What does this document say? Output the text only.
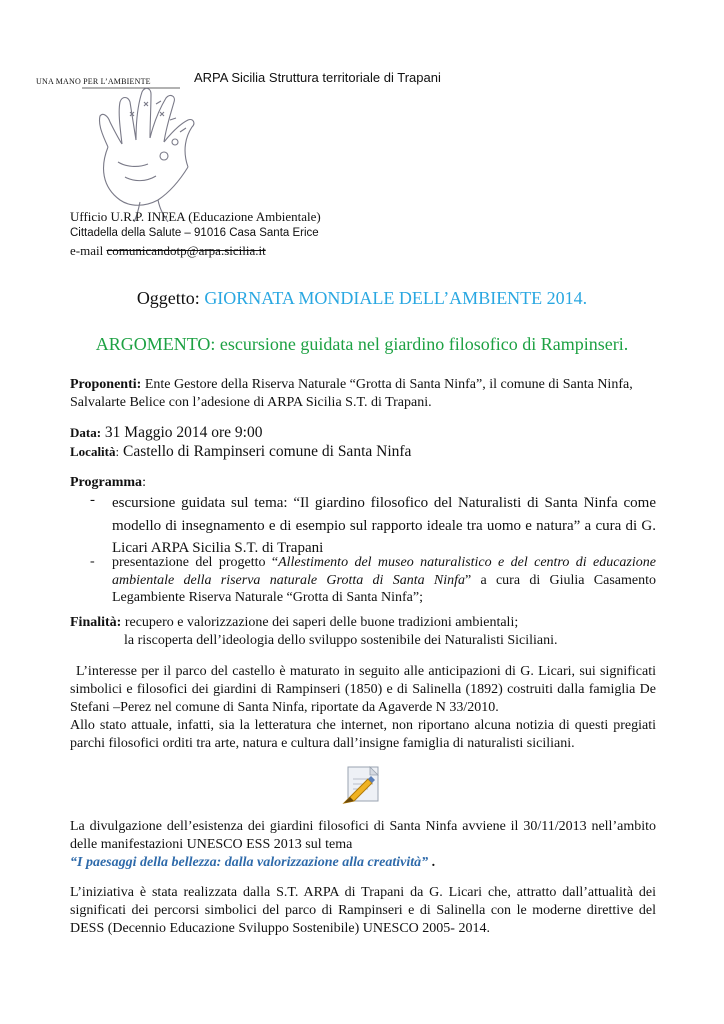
UNA MANO PER L’AMBIENTE	ARPA Sicilia Struttura territoriale di Trapani
Ufficio U.R.P. INFEA (Educazione Ambientale)
Cittadella della Salute – 91016 Casa Santa Erice
e-mail comunicandotp@arpa.sicilia.it
Oggetto: GIORNATA MONDIALE DELL’AMBIENTE 2014.
ARGOMENTO: escursione guidata nel giardino filosofico di Rampinseri.
Proponenti: Ente Gestore della Riserva Naturale “Grotta di Santa Ninfa”, il comune di Santa Ninfa, Salvalarte Belice con l’adesione di ARPA Sicilia S.T. di Trapani.
Data: 31 Maggio 2014 ore 9:00
Località: Castello di Rampinseri comune di Santa Ninfa
Programma:
- escursione guidata sul tema: “Il giardino filosofico del Naturalisti di Santa Ninfa come modello di insegnamento e di esempio sul rapporto ideale tra uomo e natura” a cura di G. Licari ARPA Sicilia S.T. di Trapani
- presentazione del progetto “Allestimento del museo naturalistico e del centro di educazione ambientale della riserva naturale Grotta di Santa Ninfa” a cura di Giulia Casamento Legambiente Riserva Naturale “Grotta di Santa Ninfa”;
Finalità: recupero e valorizzazione dei saperi delle buone tradizioni ambientali;
la riscoperta dell’ideologia dello sviluppo sostenibile dei Naturalisti Siciliani.
L’interesse per il parco del castello è maturato in seguito alle anticipazioni di G. Licari, sui significati simbolici e filosofici dei giardini di Rampinseri (1850) e di Salinella (1892) costruiti dalla famiglia De Stefani –Perez nel comune di Santa Ninfa, riportate da Agaverde N 33/2010.
Allo stato attuale, infatti, sia la letteratura che internet, non riportano alcuna notizia di questi pregiati parchi filosofici orditi tra arte, natura e cultura dall’insigne famiglia di naturalisti siciliani.
La divulgazione dell’esistenza dei giardini filosofici di Santa Ninfa avviene il 30/11/2013 nell’ambito delle manifestazioni UNESCO ESS 2013 sul tema
“I paesaggi della bellezza: dalla valorizzazione alla creatività” .
L’iniziativa è stata realizzata dalla S.T. ARPA di Trapani da G. Licari che, attratto dall’attualità dei significati dei percorsi simbolici del parco di Rampinseri e di Salinella con le moderne direttive del DESS (Decennio Educazione Sviluppo Sostenibile) UNESCO 2005- 2014.
